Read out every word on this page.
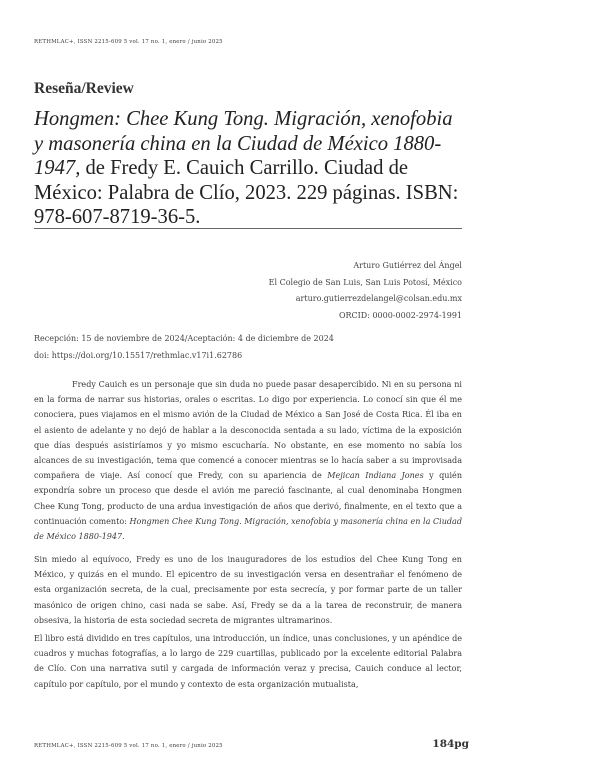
RETHMLAC+, ISSN 2215-609 5 vol. 17 no. 1, enero / junio 2025
Reseña/Review
Hongmen: Chee Kung Tong. Migración, xenofobia y masonería china en la Ciudad de México 1880-1947, de Fredy E. Cauich Carrillo. Ciudad de México: Palabra de Clío, 2023. 229 páginas. ISBN: 978-607-8719-36-5.
Arturo Gutiérrez del Ángel
El Colegio de San Luis, San Luis Potosí, México
arturo.gutierrezdelangel@colsan.edu.mx
ORCID: 0000-0002-2974-1991
Recepción: 15 de noviembre de 2024/Aceptación: 4 de diciembre de 2024
doi: https://doi.org/10.15517/rethmlac.v17i1.62786
Fredy Cauich es un personaje que sin duda no puede pasar desapercibido. Ni en su persona ni en la forma de narrar sus historias, orales o escritas. Lo digo por experiencia. Lo conocí sin que él me conociera, pues viajamos en el mismo avión de la Ciudad de México a San José de Costa Rica. Él iba en el asiento de adelante y no dejó de hablar a la desconocida sentada a su lado, víctima de la exposición que días después asistiríamos y yo mismo escucharía. No obstante, en ese momento no sabía los alcances de su investigación, tema que comencé a conocer mientras se lo hacía saber a su improvisada compañera de viaje. Así conocí que Fredy, con su apariencia de Mejican Indiana Jones y quién expondría sobre un proceso que desde el avión me pareció fascinante, al cual denominaba Hongmen Chee Kung Tong, producto de una ardua investigación de años que derivó, finalmente, en el texto que a continuación comento: Hongmen Chee Kung Tong. Migración, xenofobia y masonería china en la Ciudad de México 1880-1947.
Sin miedo al equívoco, Fredy es uno de los inauguradores de los estudios del Chee Kung Tong en México, y quizás en el mundo. El epicentro de su investigación versa en desentrañar el fenómeno de esta organización secreta, de la cual, precisamente por esta secrecía, y por formar parte de un taller masónico de origen chino, casi nada se sabe. Así, Fredy se da a la tarea de reconstruir, de manera obsesiva, la historia de esta sociedad secreta de migrantes ultramarinos.
El libro está dividido en tres capítulos, una introducción, un índice, unas conclusiones, y un apéndice de cuadros y muchas fotografías, a lo largo de 229 cuartillas, publicado por la excelente editorial Palabra de Clío. Con una narrativa sutil y cargada de información veraz y precisa, Cauich conduce al lector, capítulo por capítulo, por el mundo y contexto de esta organización mutualista,
RETHMLAC+, ISSN 2215-609 5 vol. 17 no. 1, enero / junio 2025	184pg
